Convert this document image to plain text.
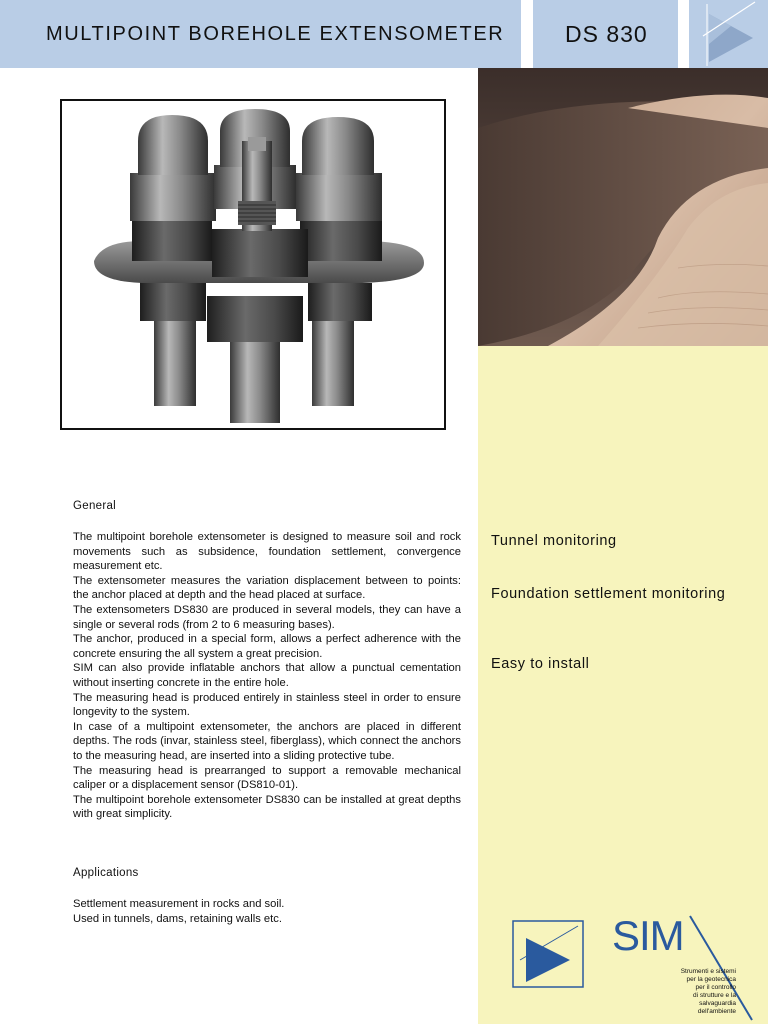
MULTIPOINT BOREHOLE EXTENSOMETER	DS 830
Tunnel monitoring
Foundation settlement monitoring
Easy to install
General

The multipoint borehole extensometer is designed to measure soil and rock movements such as subsidence, foundation settlement, convergence measurement etc.

The extensometer measures the variation displacement between to points: the anchor placed at depth and the head placed at surface.

The extensometers DS830 are produced in several models, they can have a single or several rods (from 2 to 6 measuring bases).

The anchor, produced in a special form, allows a perfect adherence with the concrete ensuring the all system a great precision.

SIM can also provide inflatable anchors that allow a punctual cementation without inserting concrete in the entire hole.

The measuring head is produced entirely in stainless steel in order to ensure longevity to the system.

In case of a multipoint extensometer, the anchors are placed in different depths. The rods (invar, stainless steel, fiberglass), which connect the anchors to the measuring head, are inserted into a sliding protective tube.

The measuring head is prearranged to support a removable mechanical caliper or a displacement sensor (DS810-01).

The multipoint borehole extensometer DS830 can be installed at great depths with great simplicity.

Applications

Settlement measurement in rocks and soil.

Used in tunnels, dams, retaining walls etc.	SIM
Strumenti e sistemi
per la geotecnica
per il controllo
di strutture e la
salvaguardia
dell'ambiente
